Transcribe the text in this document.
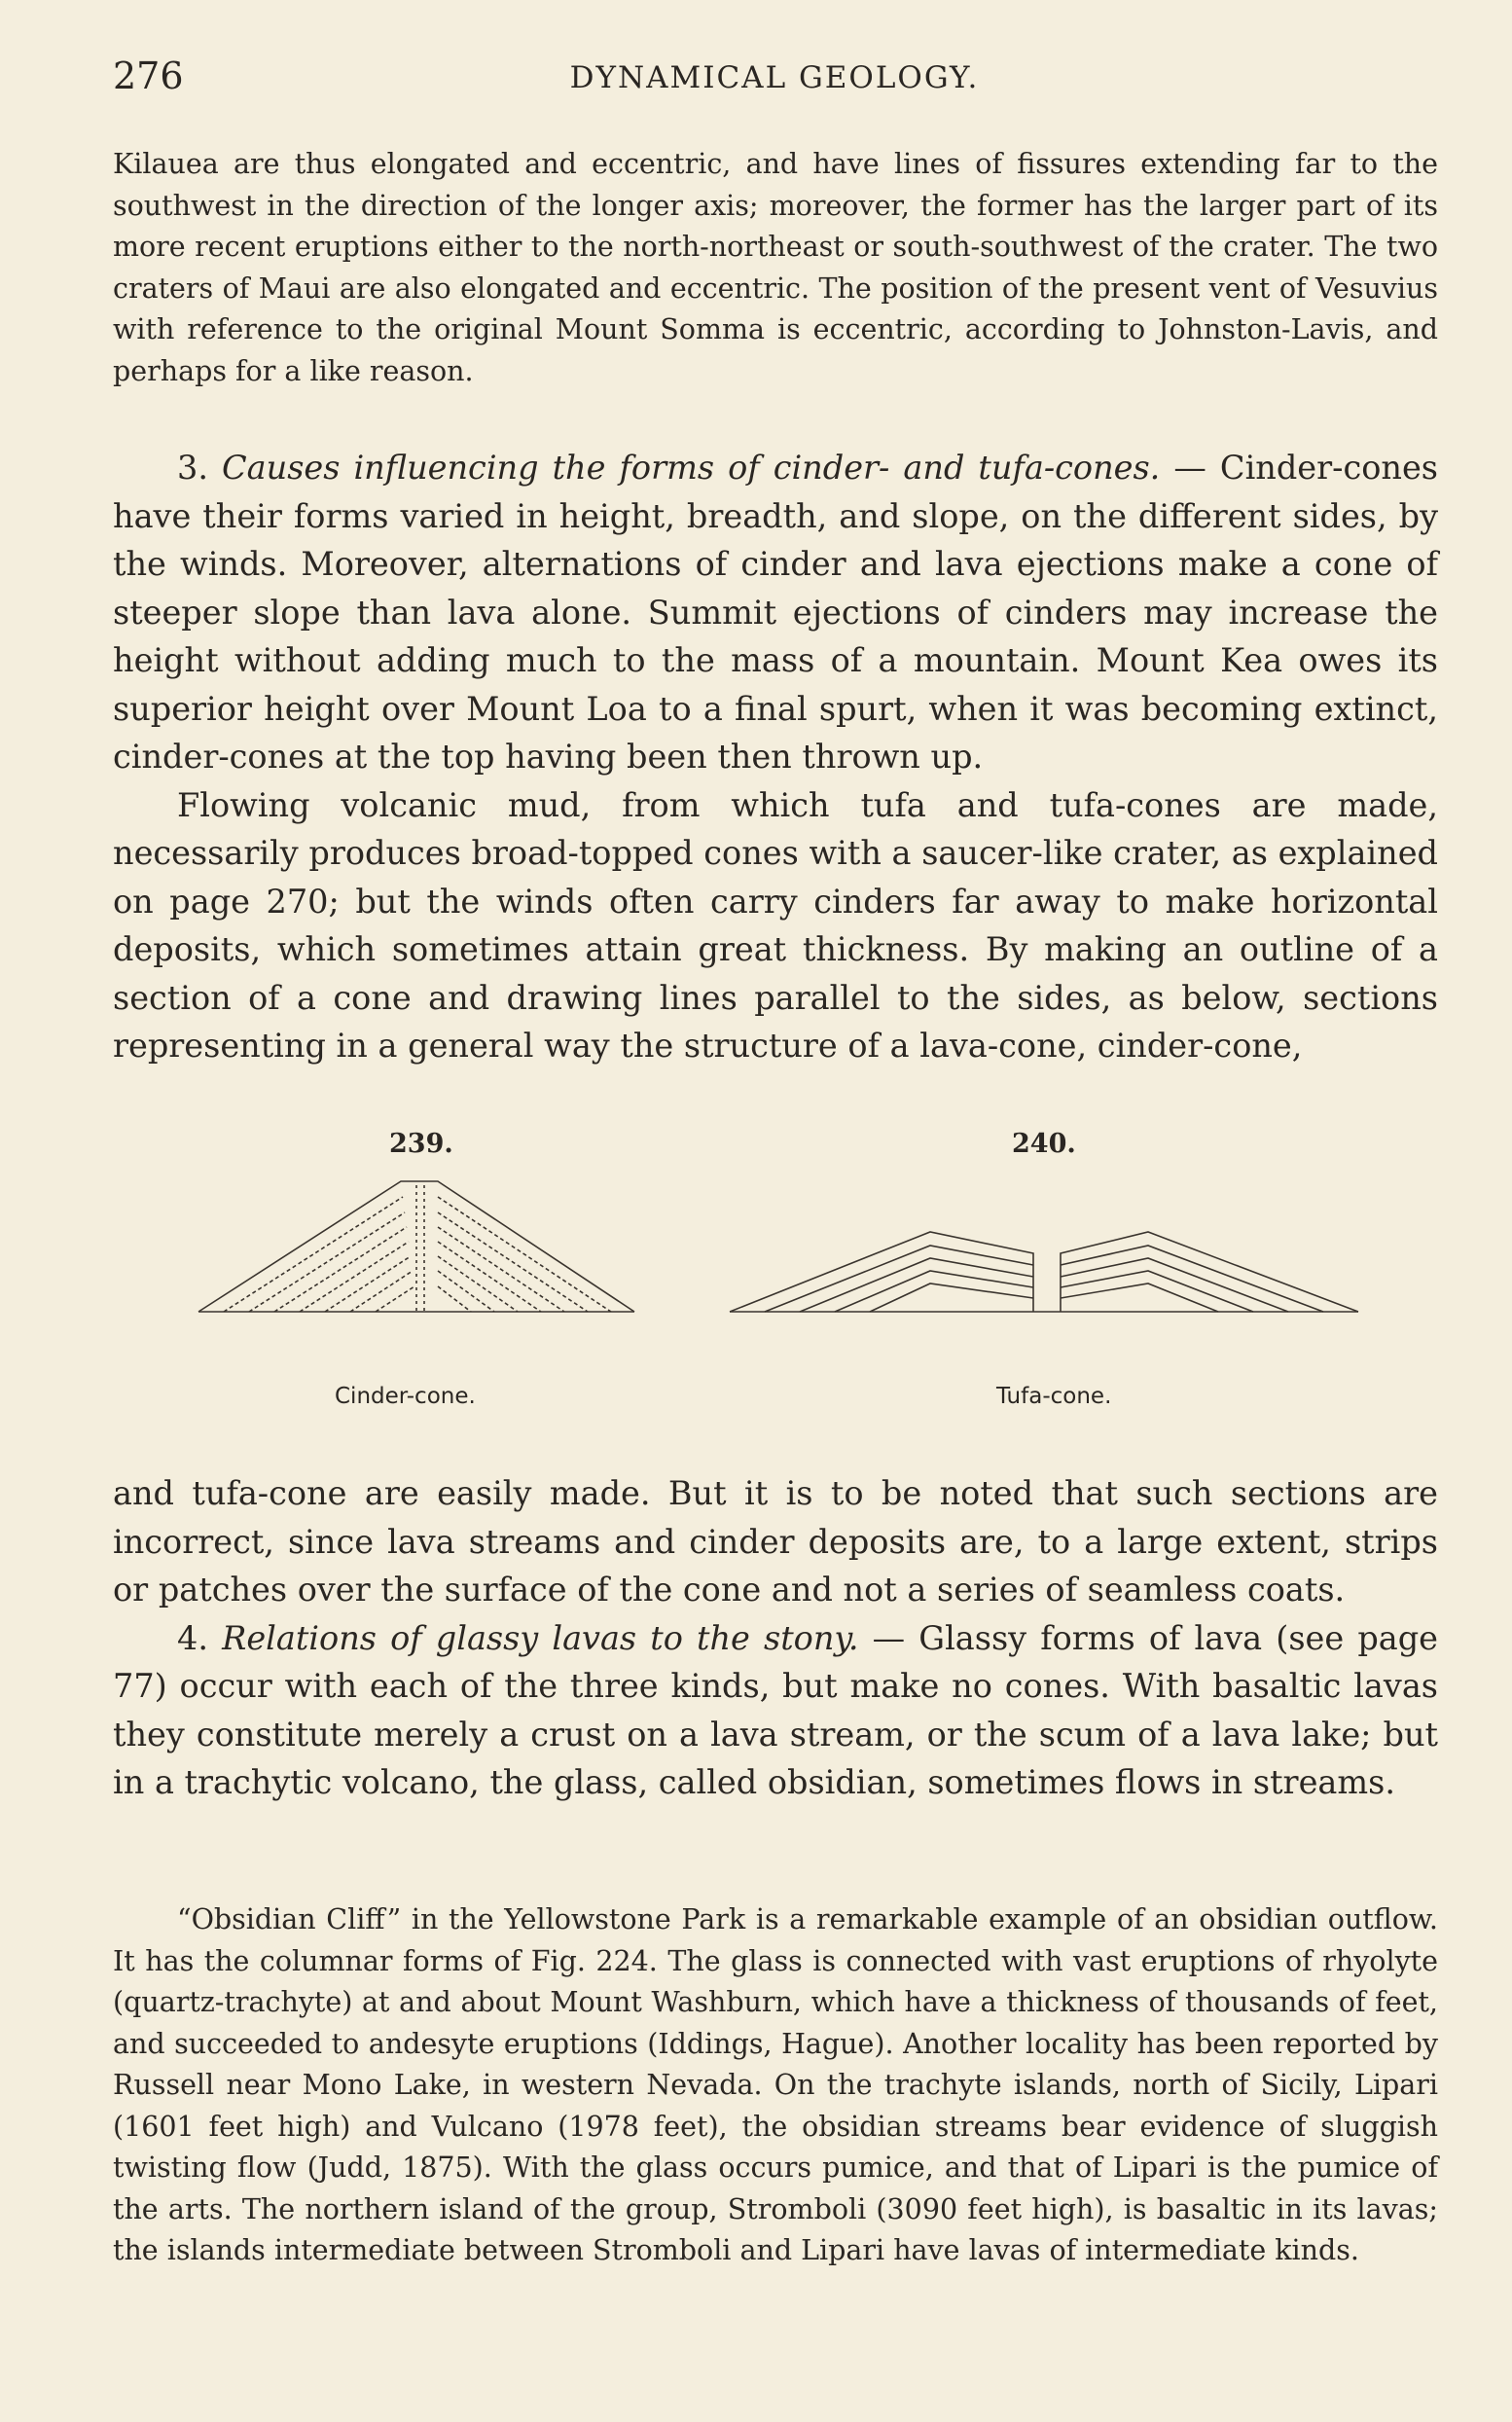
276	DYNAMICAL GEOLOGY.

Kilauea are thus elongated and eccentric, and have lines of fissures extending far to the southwest in the direction of the longer axis; moreover, the former has the larger part of its more recent eruptions either to the north-northeast or south-southwest of the crater. The two craters of Maui are also elongated and eccentric. The position of the present vent of Vesuvius with reference to the original Mount Somma is eccentric, according to Johnston-Lavis, and perhaps for a like reason.

3. Causes influencing the forms of cinder- and tufa-cones. — Cinder-cones have their forms varied in height, breadth, and slope, on the different sides, by the winds. Moreover, alternations of cinder and lava ejections make a cone of steeper slope than lava alone. Summit ejections of cinders may increase the height without adding much to the mass of a mountain. Mount Kea owes its superior height over Mount Loa to a final spurt, when it was becoming extinct, cinder-cones at the top having been then thrown up.

Flowing volcanic mud, from which tufa and tufa-cones are made, necessarily produces broad-topped cones with a saucer-like crater, as explained on page 270; but the winds often carry cinders far away to make horizontal deposits, which sometimes attain great thickness. By making an outline of a section of a cone and drawing lines parallel to the sides, as below, sections representing in a general way the structure of a lava-cone, cinder-cone,

239.
Cinder-cone.
240.
Tufa-cone.

and tufa-cone are easily made. But it is to be noted that such sections are incorrect, since lava streams and cinder deposits are, to a large extent, strips or patches over the surface of the cone and not a series of seamless coats.

4. Relations of glassy lavas to the stony. — Glassy forms of lava (see page 77) occur with each of the three kinds, but make no cones. With basaltic lavas they constitute merely a crust on a lava stream, or the scum of a lava lake; but in a trachytic volcano, the glass, called obsidian, sometimes flows in streams.

“Obsidian Cliff” in the Yellowstone Park is a remarkable example of an obsidian outflow. It has the columnar forms of Fig. 224. The glass is connected with vast eruptions of rhyolyte (quartz-trachyte) at and about Mount Washburn, which have a thickness of thousands of feet, and succeeded to andesyte eruptions (Iddings, Hague). Another locality has been reported by Russell near Mono Lake, in western Nevada. On the trachyte islands, north of Sicily, Lipari (1601 feet high) and Vulcano (1978 feet), the obsidian streams bear evidence of sluggish twisting flow (Judd, 1875). With the glass occurs pumice, and that of Lipari is the pumice of the arts. The northern island of the group, Stromboli (3090 feet high), is basaltic in its lavas; the islands intermediate between Stromboli and Lipari have lavas of intermediate kinds.
